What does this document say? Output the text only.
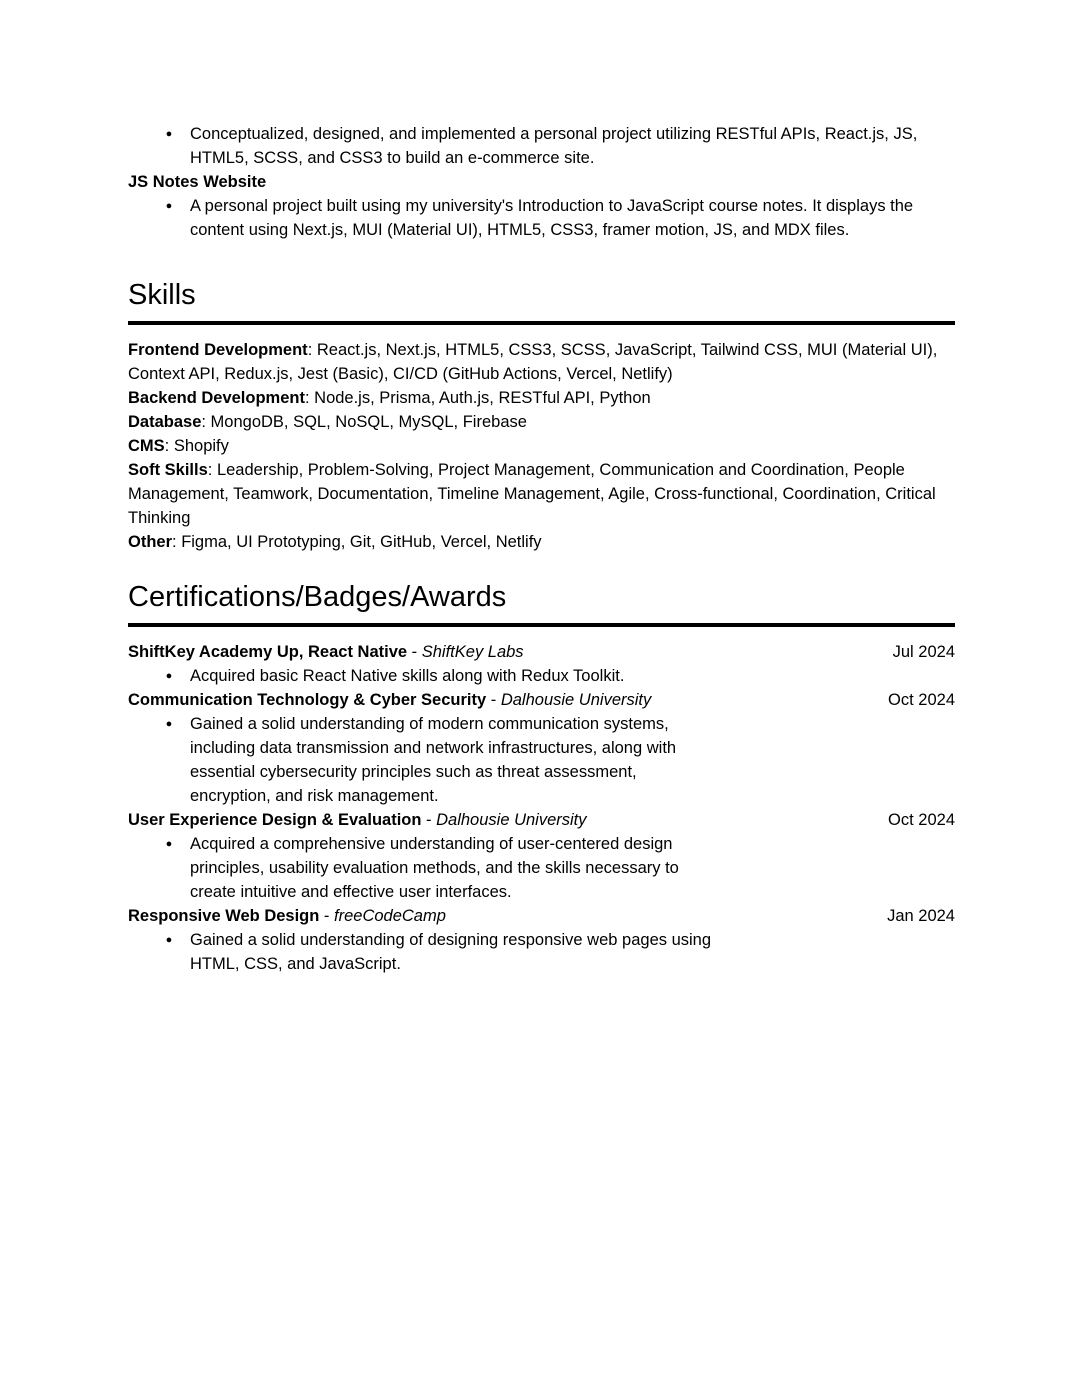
●	Conceptualized, designed, and implemented a personal project utilizing RESTful APIs, React.js, JS, HTML5, SCSS, and CSS3 to build an e-commerce site.

JS Notes Website

●	A personal project built using my university's Introduction to JavaScript course notes. It displays the content using Next.js, MUI (Material UI), HTML5, CSS3, framer motion, JS, and MDX files.
Skills

Frontend Development: React.js, Next.js, HTML5, CSS3, SCSS, JavaScript, Tailwind CSS, MUI (Material UI), Context API, Redux.js, Jest (Basic), CI/CD (GitHub Actions, Vercel, Netlify)

Backend Development: Node.js, Prisma, Auth.js, RESTful API, Python

Database: MongoDB, SQL, NoSQL, MySQL, Firebase

CMS: Shopify

Soft Skills: Leadership, Problem-Solving, Project Management, Communication and Coordination, People Management, Teamwork, Documentation, Timeline Management, Agile, Cross-functional, Coordination, Critical Thinking

Other: Figma, UI Prototyping, Git, GitHub, Vercel, Netlify

Certifications/Badges/Awards

ShiftKey Academy Up, React Native - ShiftKey Labs	Jul 2024
●	Acquired basic React Native skills along with Redux Toolkit.

Communication Technology & Cyber Security - Dalhousie University	Oct 2024
●	Gained a solid understanding of modern communication systems, including data transmission and network infrastructures, along with essential cybersecurity principles such as threat assessment, encryption, and risk management.

User Experience Design & Evaluation - Dalhousie University	Oct 2024
●	Acquired a comprehensive understanding of user-centered design principles, usability evaluation methods, and the skills necessary to create intuitive and effective user interfaces.

Responsive Web Design - freeCodeCamp	Jan 2024
●	Gained a solid understanding of designing responsive web pages using HTML, CSS, and JavaScript.
